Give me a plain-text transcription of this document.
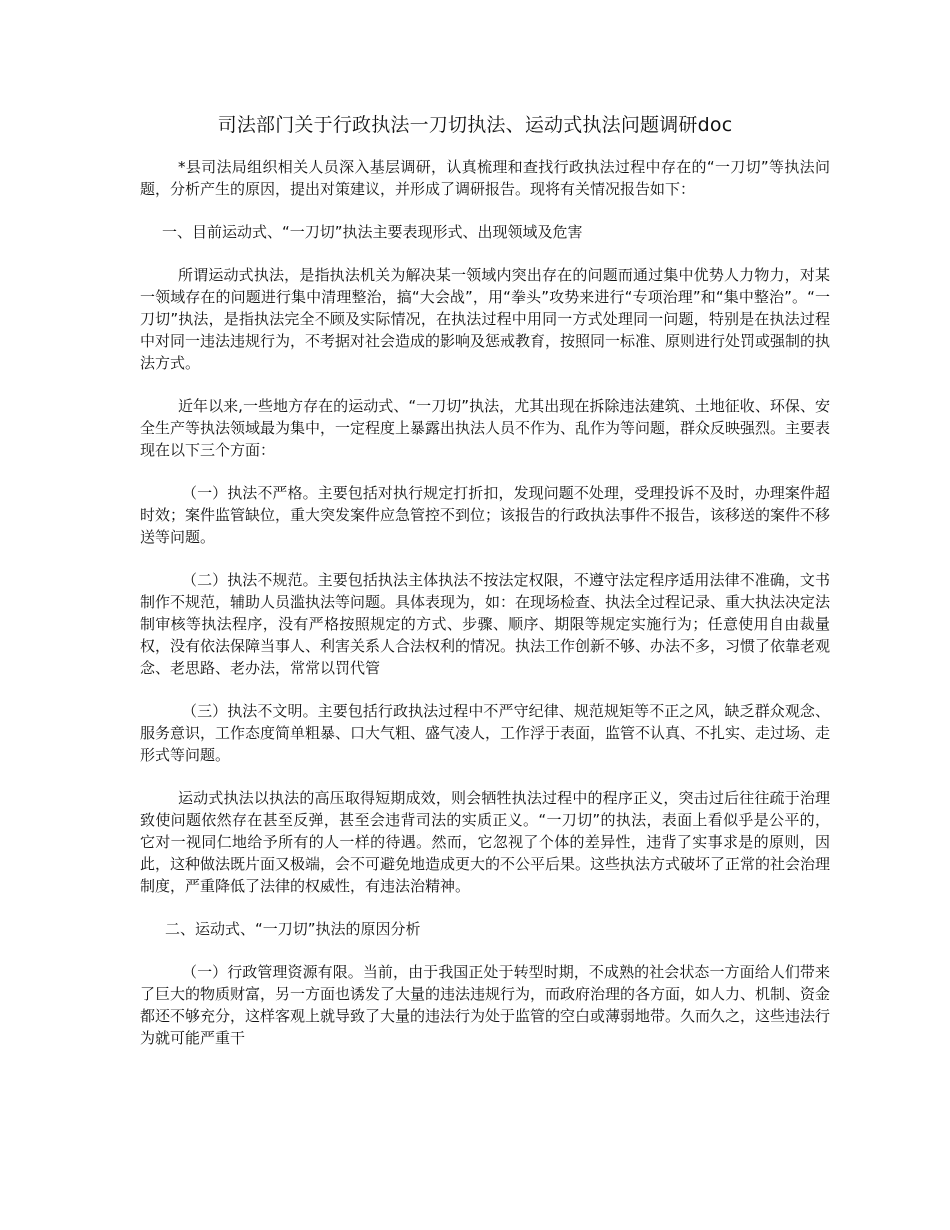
司法部门关于行政执法一刀切执法、运动式执法问题调研doc

*县司法局组织相关人员深入基层调研，认真梳理和查找行政执法过程中存在的“一刀切”等执法问题，分析产生的原因，提出对策建议，并形成了调研报告。现将有关情况报告如下：

一、目前运动式、“一刀切”执法主要表现形式、出现领域及危害

所谓运动式执法，是指执法机关为解决某一领域内突出存在的问题而通过集中优势人力物力，对某一领域存在的问题进行集中清理整治，搞“大会战”，用“拳头”攻势来进行“专项治理”和“集中整治”。“一刀切”执法，是指执法完全不顾及实际情况，在执法过程中用同一方式处理同一问题，特别是在执法过程中对同一违法违规行为，不考据对社会造成的影响及惩戒教育，按照同一标准、原则进行处罚或强制的执法方式。

近年以来,一些地方存在的运动式、“一刀切”执法，尤其出现在拆除违法建筑、土地征收、环保、安全生产等执法领域最为集中，一定程度上暴露出执法人员不作为、乱作为等问题，群众反映强烈。主要表现在以下三个方面：

（一）执法不严格。主要包括对执行规定打折扣，发现问题不处理，受理投诉不及时，办理案件超时效；案件监管缺位，重大突发案件应急管控不到位；该报告的行政执法事件不报告，该移送的案件不移送等问题。

（二）执法不规范。主要包括执法主体执法不按法定权限，不遵守法定程序适用法律不准确，文书制作不规范，辅助人员滥执法等问题。具体表现为，如：在现场检查、执法全过程记录、重大执法决定法制审核等执法程序，没有严格按照规定的方式、步骤、顺序、期限等规定实施行为；任意使用自由裁量权，没有依法保障当事人、利害关系人合法权利的情况。执法工作创新不够、办法不多，习惯了依靠老观念、老思路、老办法，常常以罚代管

（三）执法不文明。主要包括行政执法过程中不严守纪律、规范规矩等不正之风，缺乏群众观念、服务意识，工作态度简单粗暴、口大气粗、盛气凌人，工作浮于表面，监管不认真、不扎实、走过场、走形式等问题。

运动式执法以执法的高压取得短期成效，则会牺牲执法过程中的程序正义，突击过后往往疏于治理致使问题依然存在甚至反弹，甚至会违背司法的实质正义。“一刀切”的执法，表面上看似乎是公平的，它对一视同仁地给予所有的人一样的待遇。然而，它忽视了个体的差异性，违背了实事求是的原则，因此，这种做法既片面又极端，会不可避免地造成更大的不公平后果。这些执法方式破坏了正常的社会治理制度，严重降低了法律的权威性，有违法治精神。

二、运动式、“一刀切”执法的原因分析

（一）行政管理资源有限。当前，由于我国正处于转型时期，不成熟的社会状态一方面给人们带来了巨大的物质财富，另一方面也诱发了大量的违法违规行为，而政府治理的各方面，如人力、机制、资金都还不够充分，这样客观上就导致了大量的违法行为处于监管的空白或薄弱地带。久而久之，这些违法行为就可能严重干
